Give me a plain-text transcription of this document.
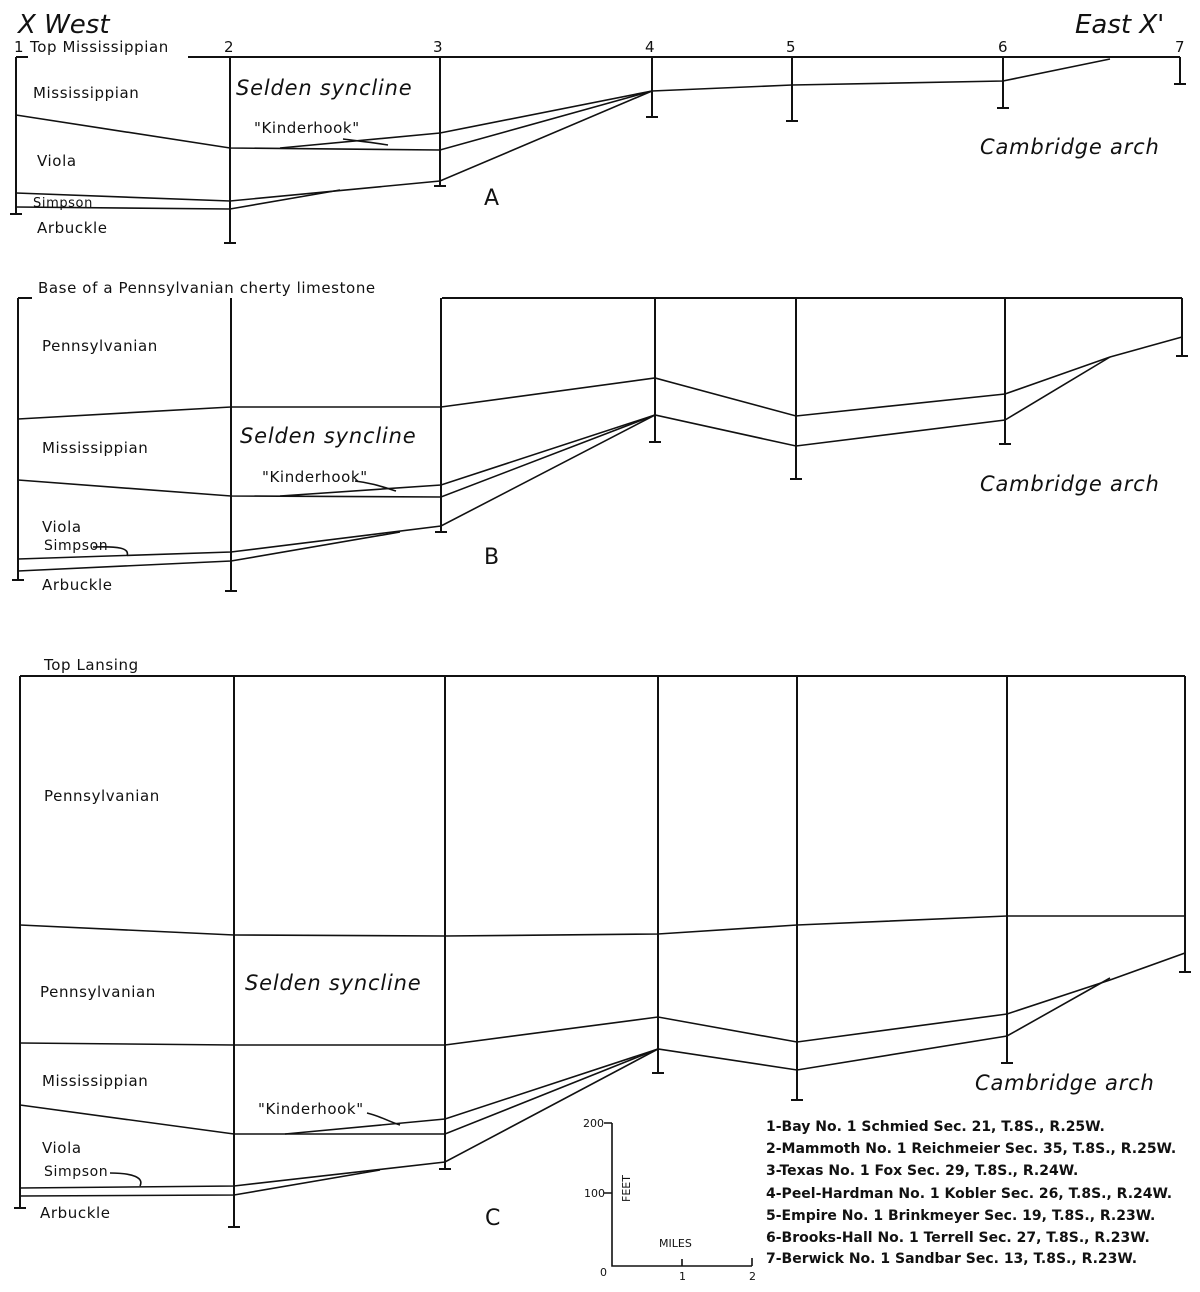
X West	East X'
1	2	3	4	5	6	7
Top Mississippian
Mississippian
Viola
Simpson
Arbuckle
"Kinderhook"
Selden syncline
Cambridge arch
A
Base of a Pennsylvanian cherty limestone
Pennsylvanian
Mississippian
Viola
Simpson
Arbuckle
"Kinderhook"
Selden syncline
Cambridge arch
B
Top Lansing
Pennsylvanian
Pennsylvanian
Mississippian
Viola
Simpson
Arbuckle
"Kinderhook"
Selden syncline
Cambridge arch
C
200
100
0
FEET
MILES
1	2
1-Bay No. 1 Schmied Sec. 21, T.8S., R.25W.
2-Mammoth No. 1 Reichmeier Sec. 35, T.8S., R.25W.
3-Texas No. 1 Fox Sec. 29, T.8S., R.24W.
4-Peel-Hardman No. 1 Kobler Sec. 26, T.8S., R.24W.
5-Empire No. 1 Brinkmeyer Sec. 19, T.8S., R.23W.
6-Brooks-Hall No. 1 Terrell Sec. 27, T.8S., R.23W.
7-Berwick No. 1 Sandbar Sec. 13, T.8S., R.23W.
